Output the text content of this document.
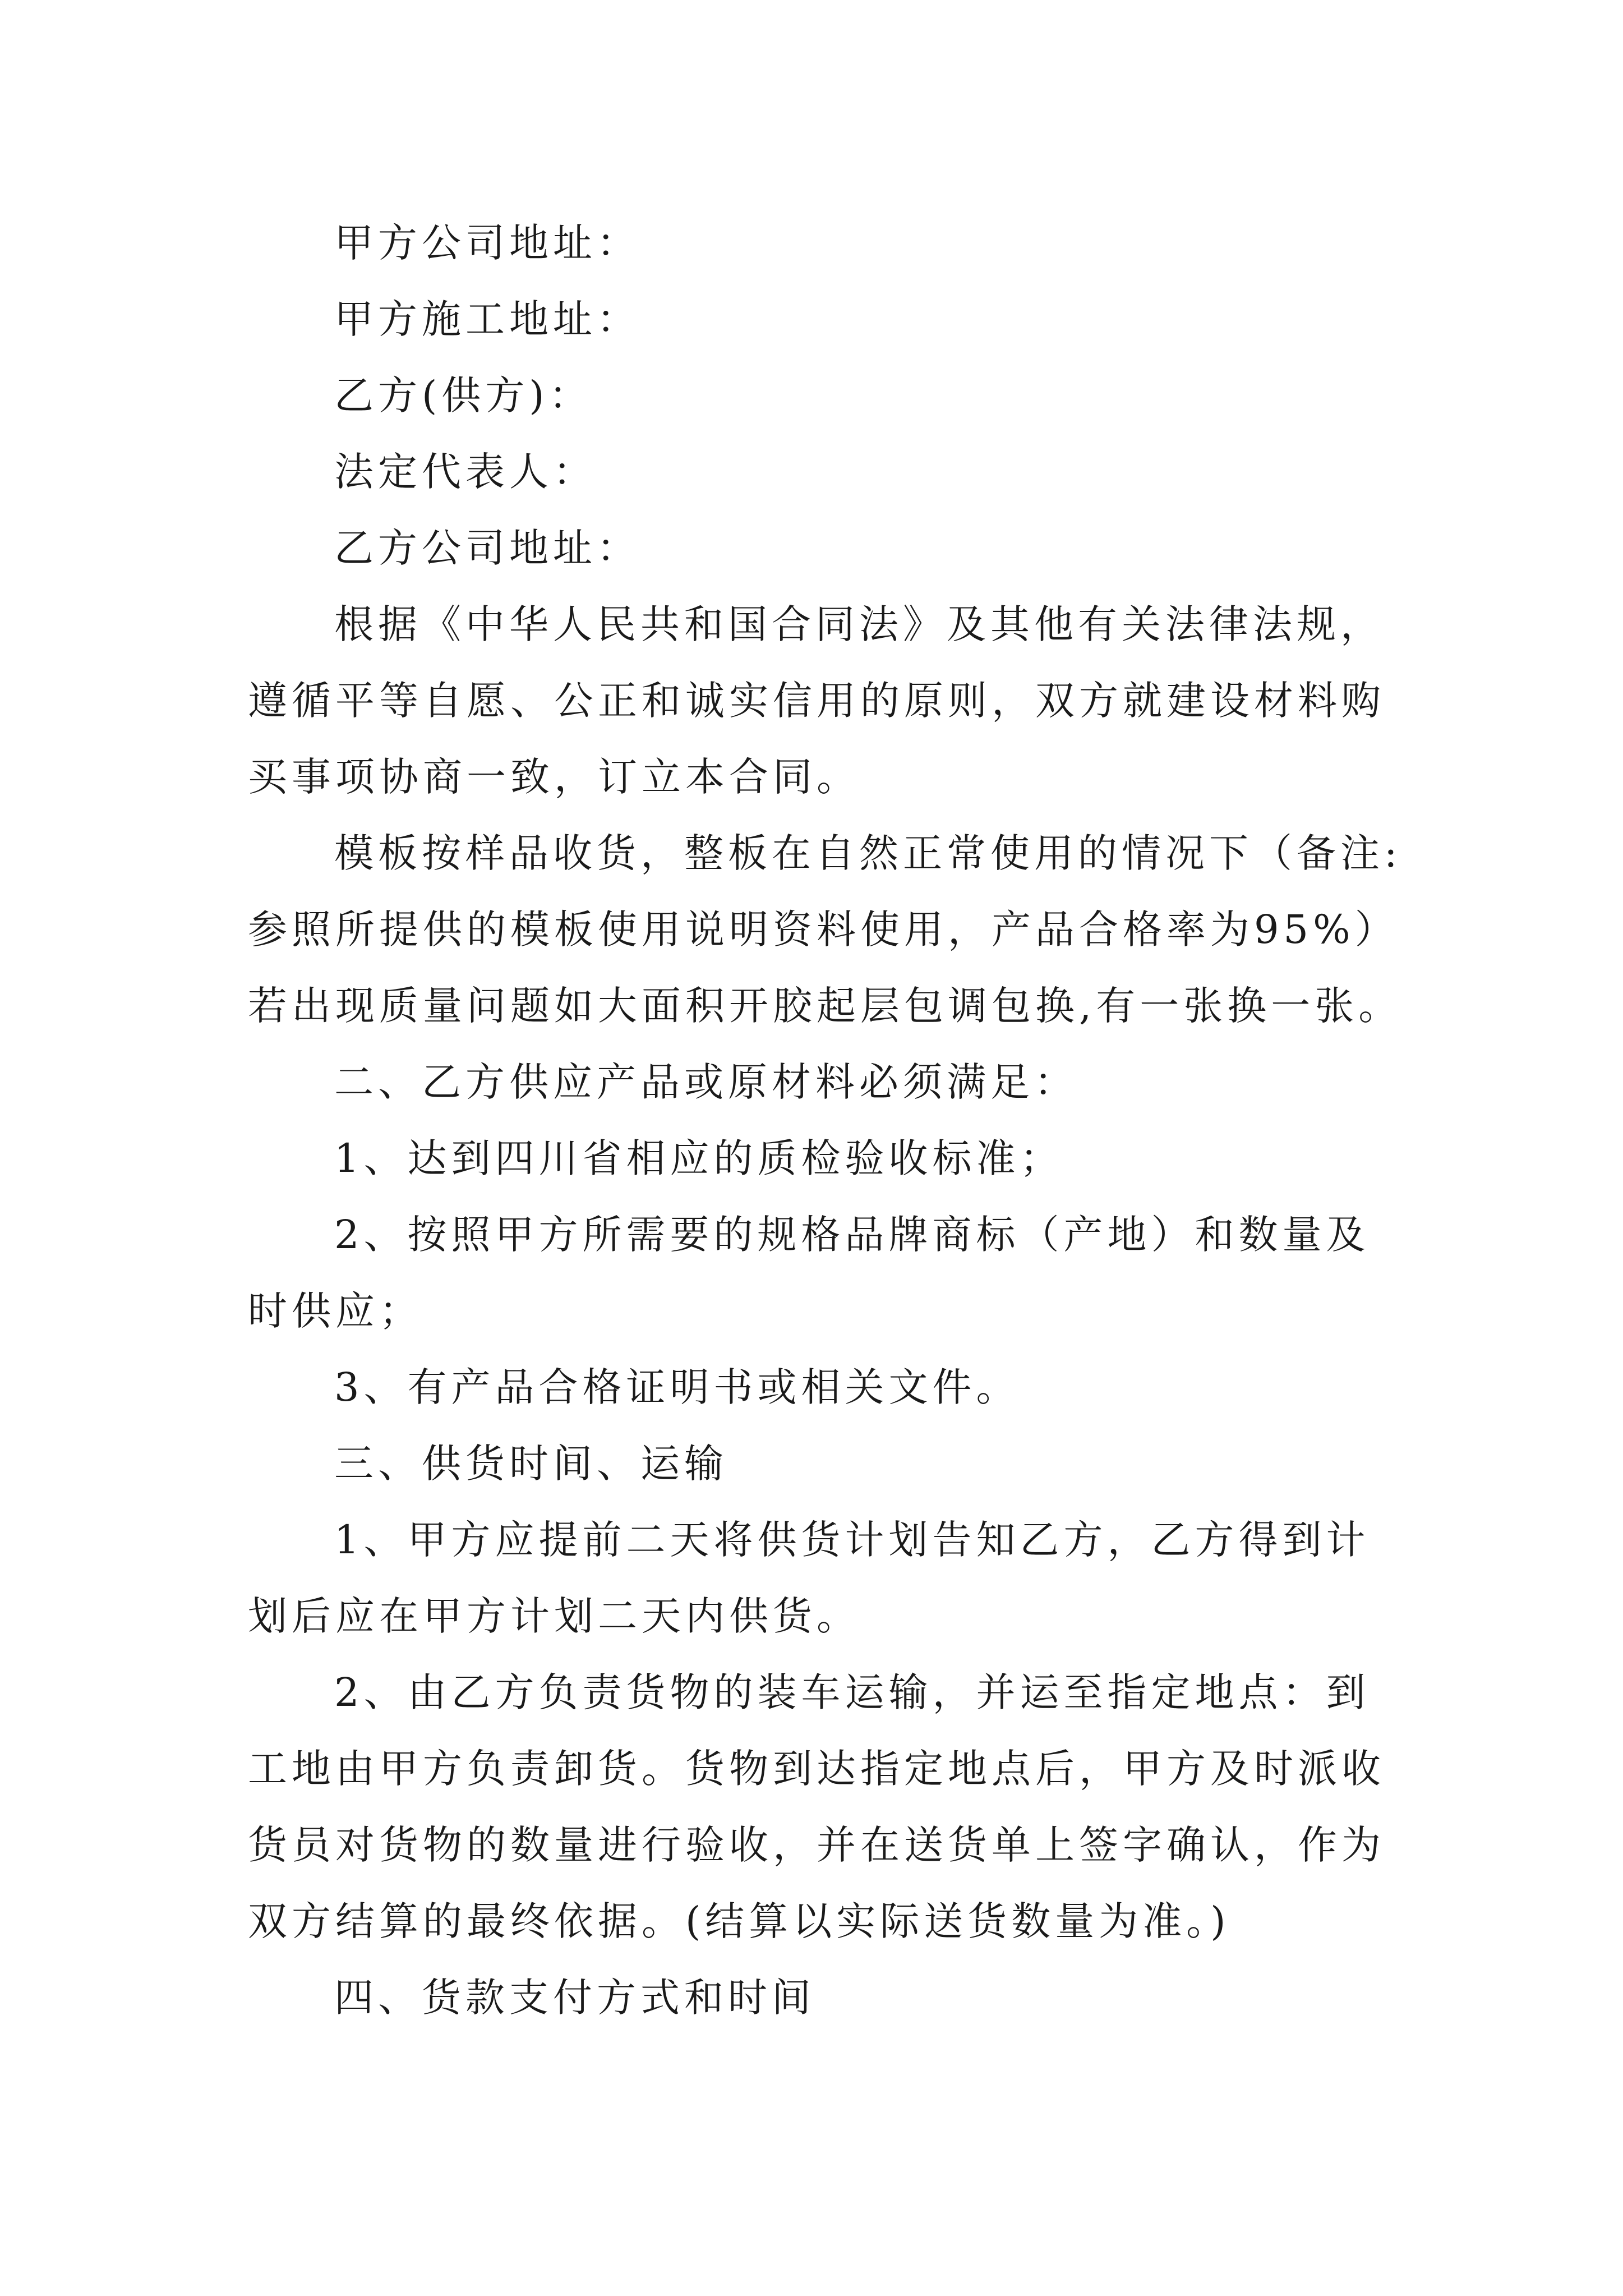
甲方公司地址：

甲方施工地址：

乙方(供方)：

法定代表人：

乙方公司地址：

根据《中华人民共和国合同法》及其他有关法律法规，

遵循平等自愿、公正和诚实信用的原则，双方就建设材料购

买事项协商一致，订立本合同。

模板按样品收货，整板在自然正常使用的情况下（备注:

参照所提供的模板使用说明资料使用，产品合格率为95%）

若出现质量问题如大面积开胶起层包调包换,有一张换一张。

二、乙方供应产品或原材料必须满足：

1、达到四川省相应的质检验收标准；

2、按照甲方所需要的规格品牌商标（产地）和数量及

时供应；

3、有产品合格证明书或相关文件。

三、供货时间、运输

1、甲方应提前二天将供货计划告知乙方，乙方得到计

划后应在甲方计划二天内供货。

2、由乙方负责货物的装车运输，并运至指定地点：到

工地由甲方负责卸货。货物到达指定地点后，甲方及时派收

货员对货物的数量进行验收，并在送货单上签字确认，作为

双方结算的最终依据。(结算以实际送货数量为准。)

四、货款支付方式和时间
